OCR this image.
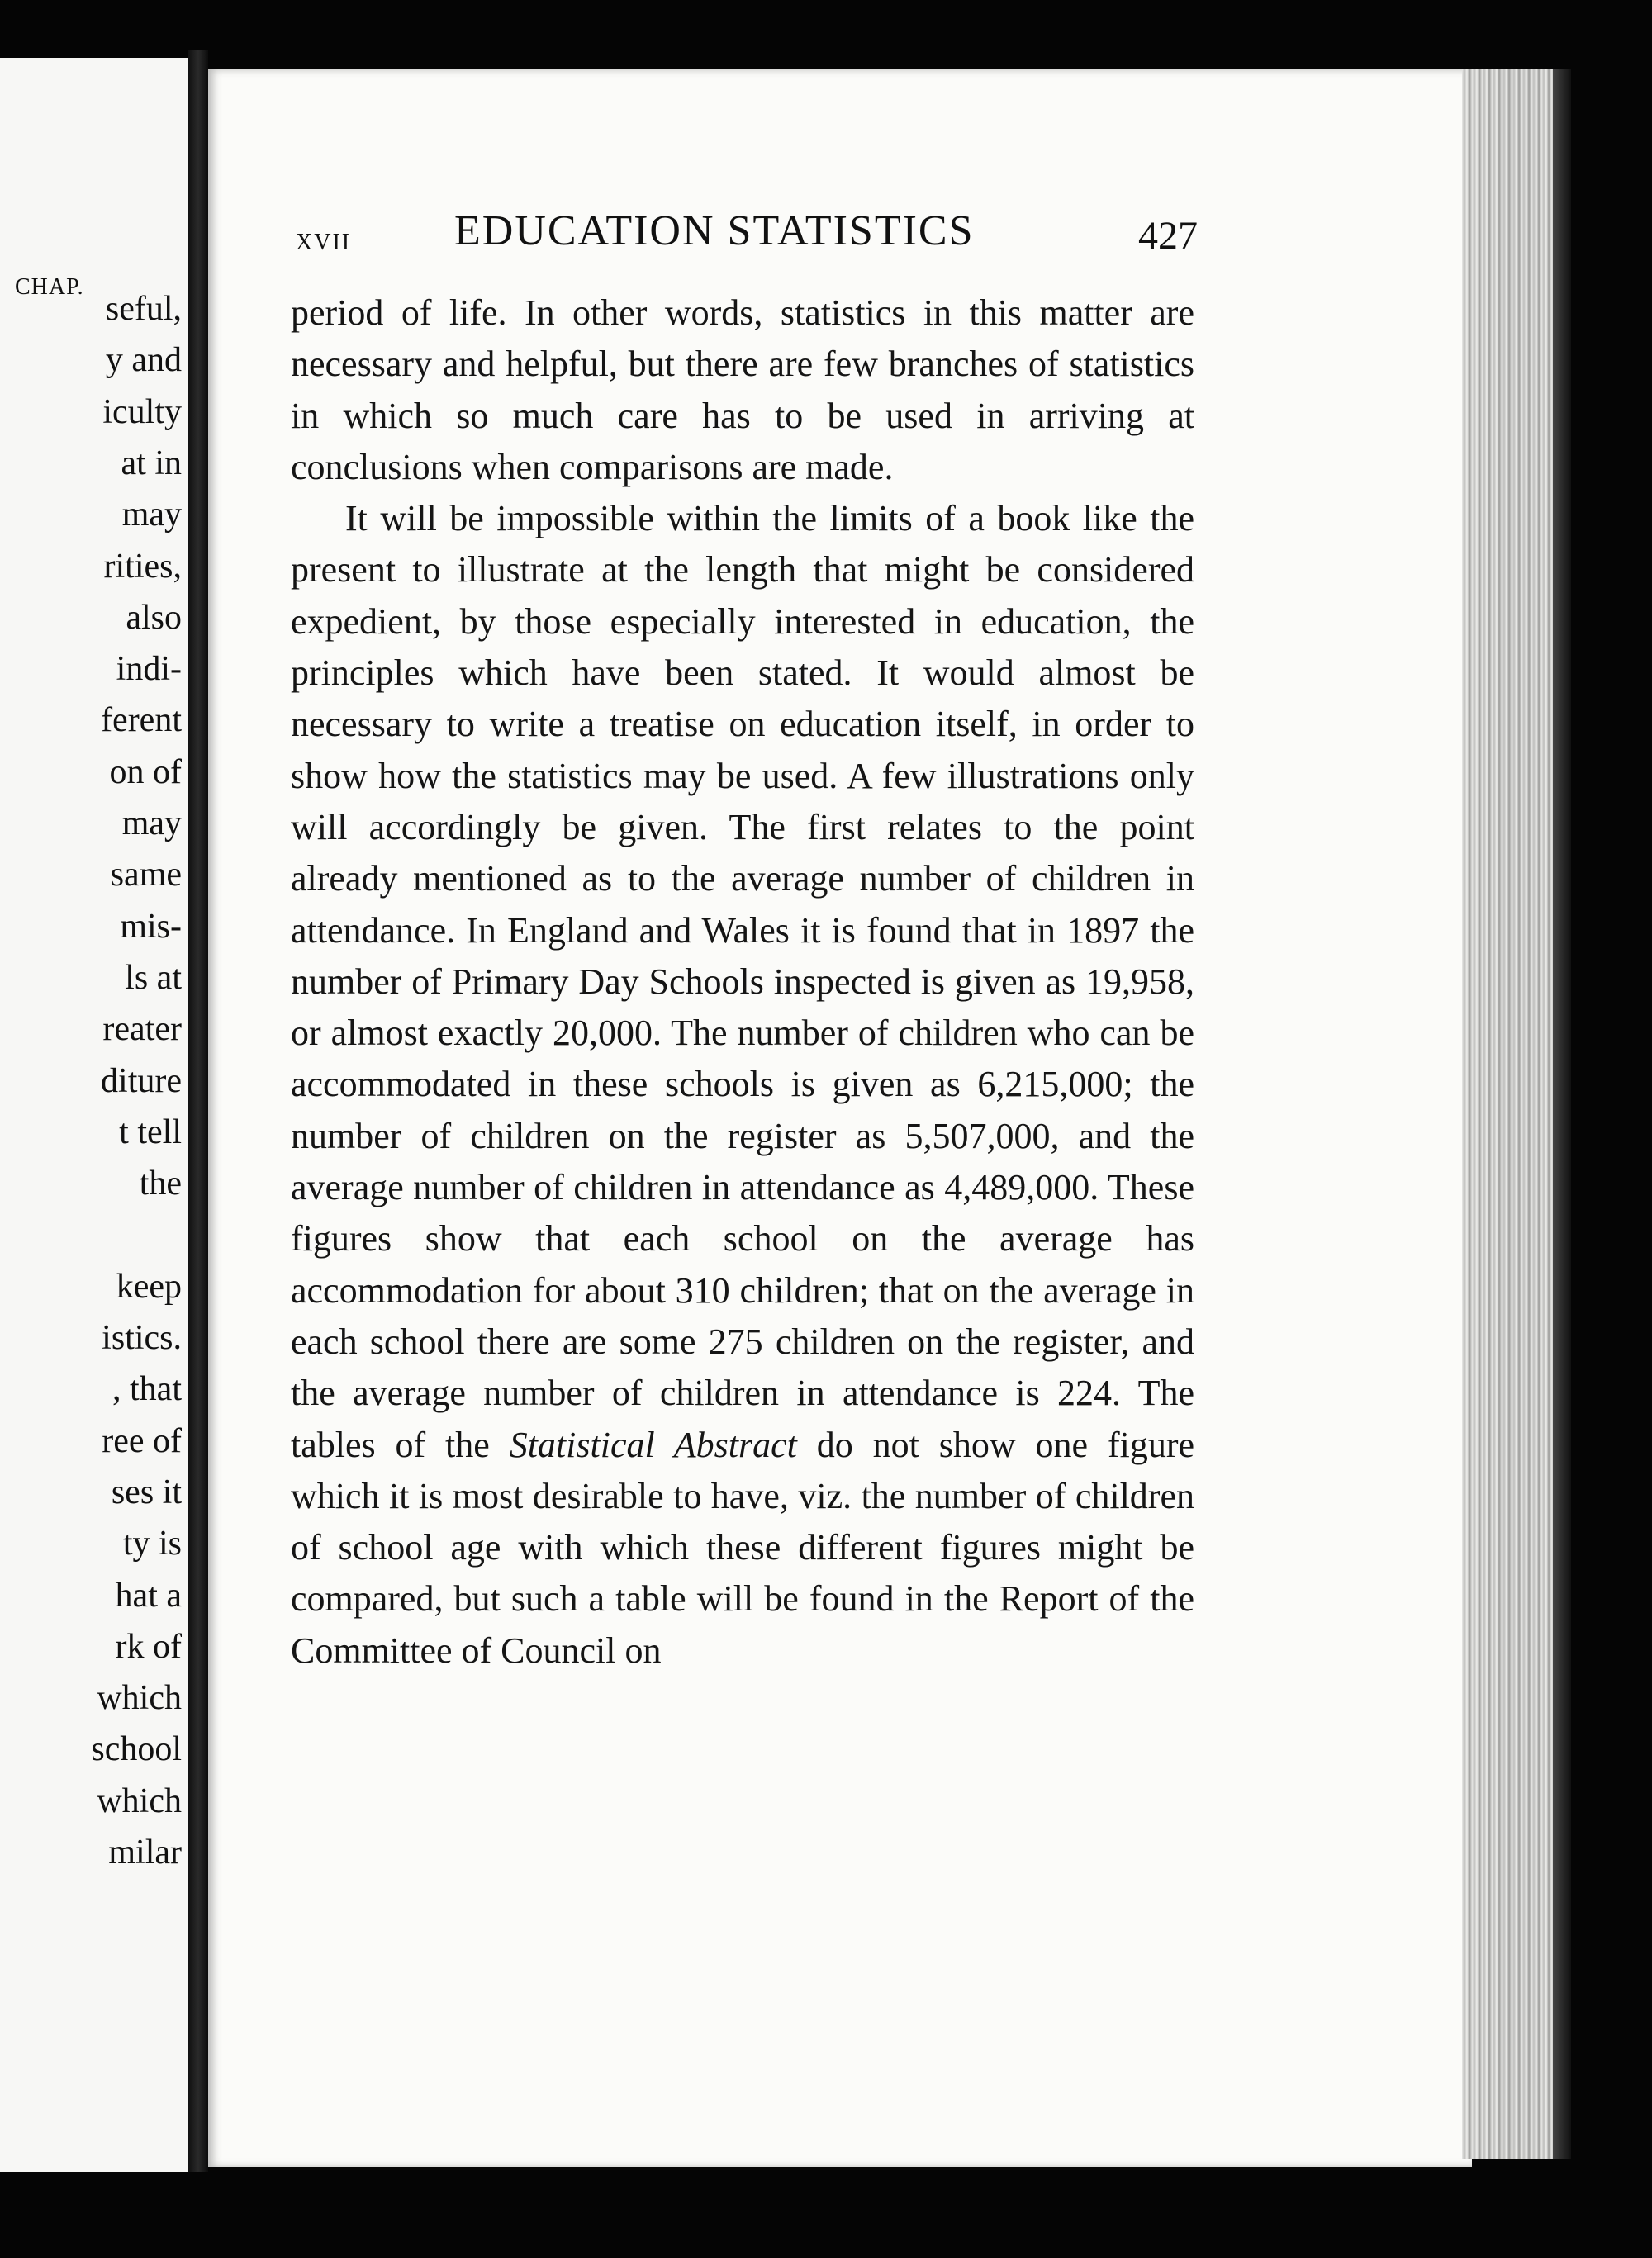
CHAP.
seful,
y and
iculty
at in
may
rities,
also
indi-
ferent
on of
may
same
mis-
ls at
reater
diture
t tell
the
keep
istics.
, that
ree of
ses it
ty is
hat a
rk of
which
school
which
milar
XVII EDUCATION STATISTICS	427

period of life. In other words, statistics in this matter are necessary and helpful, but there are few branches of statistics in which so much care has to be used in arriving at conclusions when comparisons are made.

It will be impossible within the limits of a book like the present to illustrate at the length that might be considered expedient, by those especially interested in education, the principles which have been stated. It would almost be necessary to write a treatise on education itself, in order to show how the statistics may be used. A few illustrations only will accordingly be given. The first relates to the point already mentioned as to the average number of children in attendance. In England and Wales it is found that in 1897 the number of Primary Day Schools inspected is given as 19,958, or almost exactly 20,000. The number of children who can be accommodated in these schools is given as 6,215,000; the number of children on the register as 5,507,000, and the average number of children in attendance as 4,489,000. These figures show that each school on the average has accommodation for about 310 children; that on the average in each school there are some 275 children on the register, and the average number of children in attendance is 224. The tables of the Statistical Abstract do not show one figure which it is most desirable to have, viz. the number of children of school age with which these different figures might be compared, but such a table will be found in the Report of the Committee of Council on
